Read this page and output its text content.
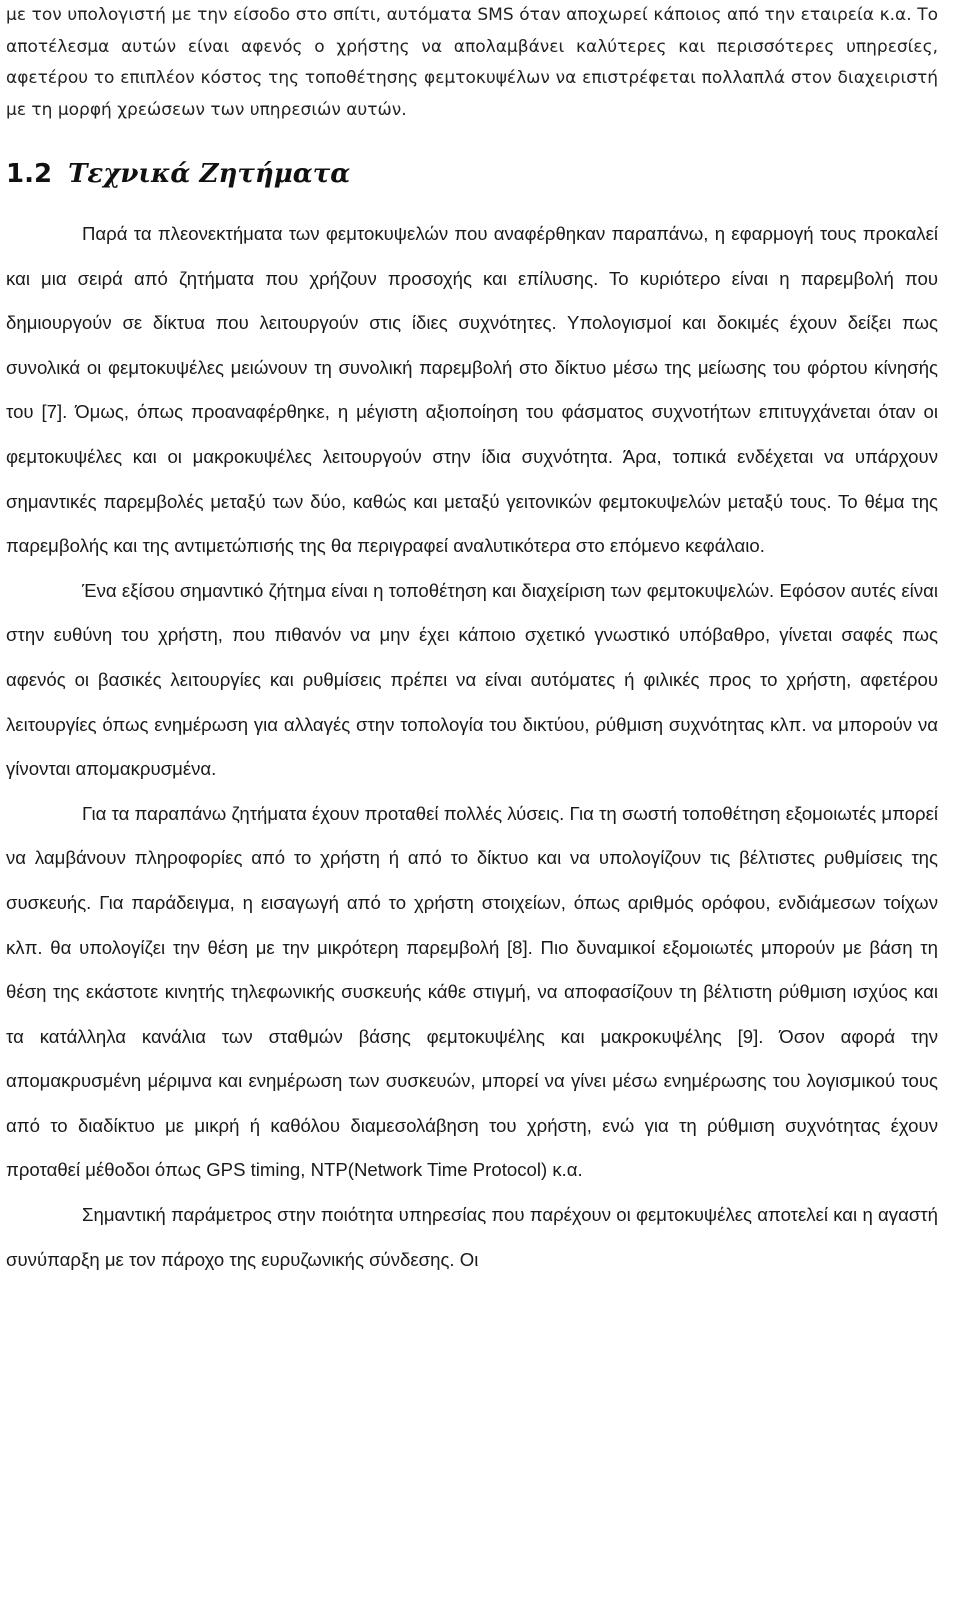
με τον υπολογιστή με την είσοδο στο σπίτι, αυτόματα SMS όταν αποχωρεί κάποιος από την εταιρεία κ.α. Το αποτέλεσμα αυτών είναι αφενός ο χρήστης να απολαμβάνει καλύτερες και περισσότερες υπηρεσίες, αφετέρου το επιπλέον κόστος της τοποθέτησης φεμτοκυψέλων να επιστρέφεται πολλαπλά στον διαχειριστή με τη μορφή χρεώσεων των υπηρεσιών αυτών.

1.2 Τεχνικά Ζητήματα

Παρά τα πλεονεκτήματα των φεμτοκυψελών που αναφέρθηκαν παραπάνω, η εφαρμογή τους προκαλεί και μια σειρά από ζητήματα που χρήζουν προσοχής και επίλυσης. Το κυριότερο είναι η παρεμβολή που δημιουργούν σε δίκτυα που λειτουργούν στις ίδιες συχνότητες. Υπολογισμοί και δοκιμές έχουν δείξει πως συνολικά οι φεμτοκυψέλες μειώνουν τη συνολική παρεμβολή στο δίκτυο μέσω της μείωσης του φόρτου κίνησής του [7]. Όμως, όπως προαναφέρθηκε, η μέγιστη αξιοποίηση του φάσματος συχνοτήτων επιτυγχάνεται όταν οι φεμτοκυψέλες και οι μακροκυψέλες λειτουργούν στην ίδια συχνότητα. Άρα, τοπικά ενδέχεται να υπάρχουν σημαντικές παρεμβολές μεταξύ των δύο, καθώς και μεταξύ γειτονικών φεμτοκυψελών μεταξύ τους. Το θέμα της παρεμβολής και της αντιμετώπισής της θα περιγραφεί αναλυτικότερα στο επόμενο κεφάλαιο.

Ένα εξίσου σημαντικό ζήτημα είναι η τοποθέτηση και διαχείριση των φεμτοκυψελών. Εφόσον αυτές είναι στην ευθύνη του χρήστη, που πιθανόν να μην έχει κάποιο σχετικό γνωστικό υπόβαθρο, γίνεται σαφές πως αφενός οι βασικές λειτουργίες και ρυθμίσεις πρέπει να είναι αυτόματες ή φιλικές προς το χρήστη, αφετέρου λειτουργίες όπως ενημέρωση για αλλαγές στην τοπολογία του δικτύου, ρύθμιση συχνότητας κλπ. να μπορούν να γίνονται απομακρυσμένα.

Για τα παραπάνω ζητήματα έχουν προταθεί πολλές λύσεις. Για τη σωστή τοποθέτηση εξομοιωτές μπορεί να λαμβάνουν πληροφορίες από το χρήστη ή από το δίκτυο και να υπολογίζουν τις βέλτιστες ρυθμίσεις της συσκευής. Για παράδειγμα, η εισαγωγή από το χρήστη στοιχείων, όπως αριθμός ορόφου, ενδιάμεσων τοίχων κλπ. θα υπολογίζει την θέση με την μικρότερη παρεμβολή [8]. Πιο δυναμικοί εξομοιωτές μπορούν με βάση τη θέση της εκάστοτε κινητής τηλεφωνικής συσκευής κάθε στιγμή, να αποφασίζουν τη βέλτιστη ρύθμιση ισχύος και τα κατάλληλα κανάλια των σταθμών βάσης φεμτοκυψέλης και μακροκυψέλης [9]. Όσον αφορά την απομακρυσμένη μέριμνα και ενημέρωση των συσκευών, μπορεί να γίνει μέσω ενημέρωσης του λογισμικού τους από το διαδίκτυο με μικρή ή καθόλου διαμεσολάβηση του χρήστη, ενώ για τη ρύθμιση συχνότητας έχουν προταθεί μέθοδοι όπως GPS timing, NTP(Network Time Protocol) κ.α.

Σημαντική παράμετρος στην ποιότητα υπηρεσίας που παρέχουν οι φεμτοκυψέλες αποτελεί και η αγαστή συνύπαρξη με τον πάροχο της ευρυζωνικής σύνδεσης. Οι
